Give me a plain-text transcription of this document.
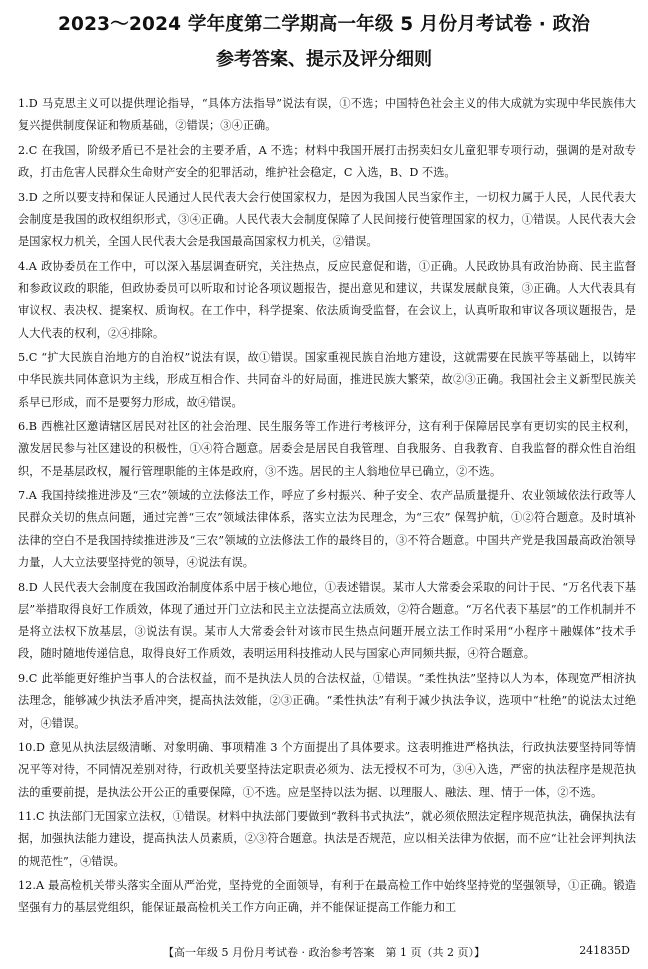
2023～2024 学年度第二学期高一年级 5 月份月考试卷 · 政治
参考答案、提示及评分细则

1.D 马克思主义可以提供理论指导，“具体方法指导”说法有误，①不选；中国特色社会主义的伟大成就为实现中华民族伟大复兴提供制度保证和物质基础，②错误；③④正确。

2.C 在我国，阶级矛盾已不是社会的主要矛盾，A 不选；材料中我国开展打击拐卖妇女儿童犯罪专项行动，强调的是对敌专政，打击危害人民群众生命财产安全的犯罪活动，维护社会稳定，C 入选，B、D 不选。

3.D 之所以要支持和保证人民通过人民代表大会行使国家权力，是因为我国人民当家作主，一切权力属于人民，人民代表大会制度是我国的政权组织形式，③④正确。人民代表大会制度保障了人民间接行使管理国家的权力，①错误。人民代表大会是国家权力机关，全国人民代表大会是我国最高国家权力机关，②错误。

4.A 政协委员在工作中，可以深入基层调查研究，关注热点，反应民意促和谐，①正确。人民政协具有政治协商、民主监督和参政议政的职能，但政协委员可以听取和讨论各项议题报告，提出意见和建议，共谋发展献良策，③正确。人大代表具有审议权、表决权、提案权、质询权。在工作中，科学提案、依法质询受监督，在会议上，认真听取和审议各项议题报告，是人大代表的权利，②④排除。

5.C “扩大民族自治地方的自治权”说法有误，故①错误。国家重视民族自治地方建设，这就需要在民族平等基础上，以铸牢中华民族共同体意识为主线，形成互相合作、共同奋斗的好局面，推进民族大繁荣，故②③正确。我国社会主义新型民族关系早已形成，而不是要努力形成，故④错误。

6.B 西樵社区邀请辖区居民对社区的社会治理、民生服务等工作进行考核评分，这有利于保障居民享有更切实的民主权利，激发居民参与社区建设的积极性，①④符合题意。居委会是居民自我管理、自我服务、自我教育、自我监督的群众性自治组织，不是基层政权，履行管理职能的主体是政府，③不选。居民的主人翁地位早已确立，②不选。

7.A 我国持续推进涉及“三农”领域的立法修法工作，呼应了乡村振兴、种子安全、农产品质量提升、农业领域依法行政等人民群众关切的焦点问题，通过完善“三农”领域法律体系，落实立法为民理念，为“三农” 保驾护航，①②符合题意。及时填补法律的空白不是我国持续推进涉及“三农”领域的立法修法工作的最终目的，③不符合题意。中国共产党是我国最高政治领导力量，人大立法要坚持党的领导，④说法有误。

8.D 人民代表大会制度在我国政治制度体系中居于核心地位，①表述错误。某市人大常委会采取的问计于民、“万名代表下基层”举措取得良好工作质效，体现了通过开门立法和民主立法提高立法质效，②符合题意。“万名代表下基层”的工作机制并不是将立法权下放基层，③说法有误。某市人大常委会针对该市民生热点问题开展立法工作时采用“小程序＋融媒体”技术手段，随时随地传递信息，取得良好工作质效，表明运用科技推动人民与国家心声同频共振，④符合题意。

9.C 此举能更好维护当事人的合法权益，而不是执法人员的合法权益，①错误。“柔性执法”坚持以人为本，体现宽严相济执法理念，能够减少执法矛盾冲突，提高执法效能，②③正确。“柔性执法”有利于减少执法争议，选项中“杜绝”的说法太过绝对，④错误。

10.D 意见从执法层级清晰、对象明确、事项精准 3 个方面提出了具体要求。这表明推进严格执法，行政执法要坚持同等情况平等对待，不同情况差别对待，行政机关要坚持法定职责必须为、法无授权不可为，③④入选，严密的执法程序是规范执法的重要前提，是执法公开公正的重要保障，①不选。应是坚持以法为据、以理服人、融法、理、情于一体，②不选。

11.C 执法部门无国家立法权，①错误。材料中执法部门要做到“教科书式执法”，就必须依照法定程序规范执法，确保执法有据，加强执法能力建设，提高执法人员素质，②③符合题意。执法是否规范，应以相关法律为依据，而不应“让社会评判执法的规范性”，④错误。

12.A 最高检机关带头落实全面从严治党，坚持党的全面领导，有利于在最高检工作中始终坚持党的坚强领导，①正确。锻造坚强有力的基层党组织，能保证最高检机关工作方向正确，并不能保证提高工作能力和工

【高一年级 5 月份月考试卷 · 政治参考答案　第 1 页（共 2 页）】	241835D
